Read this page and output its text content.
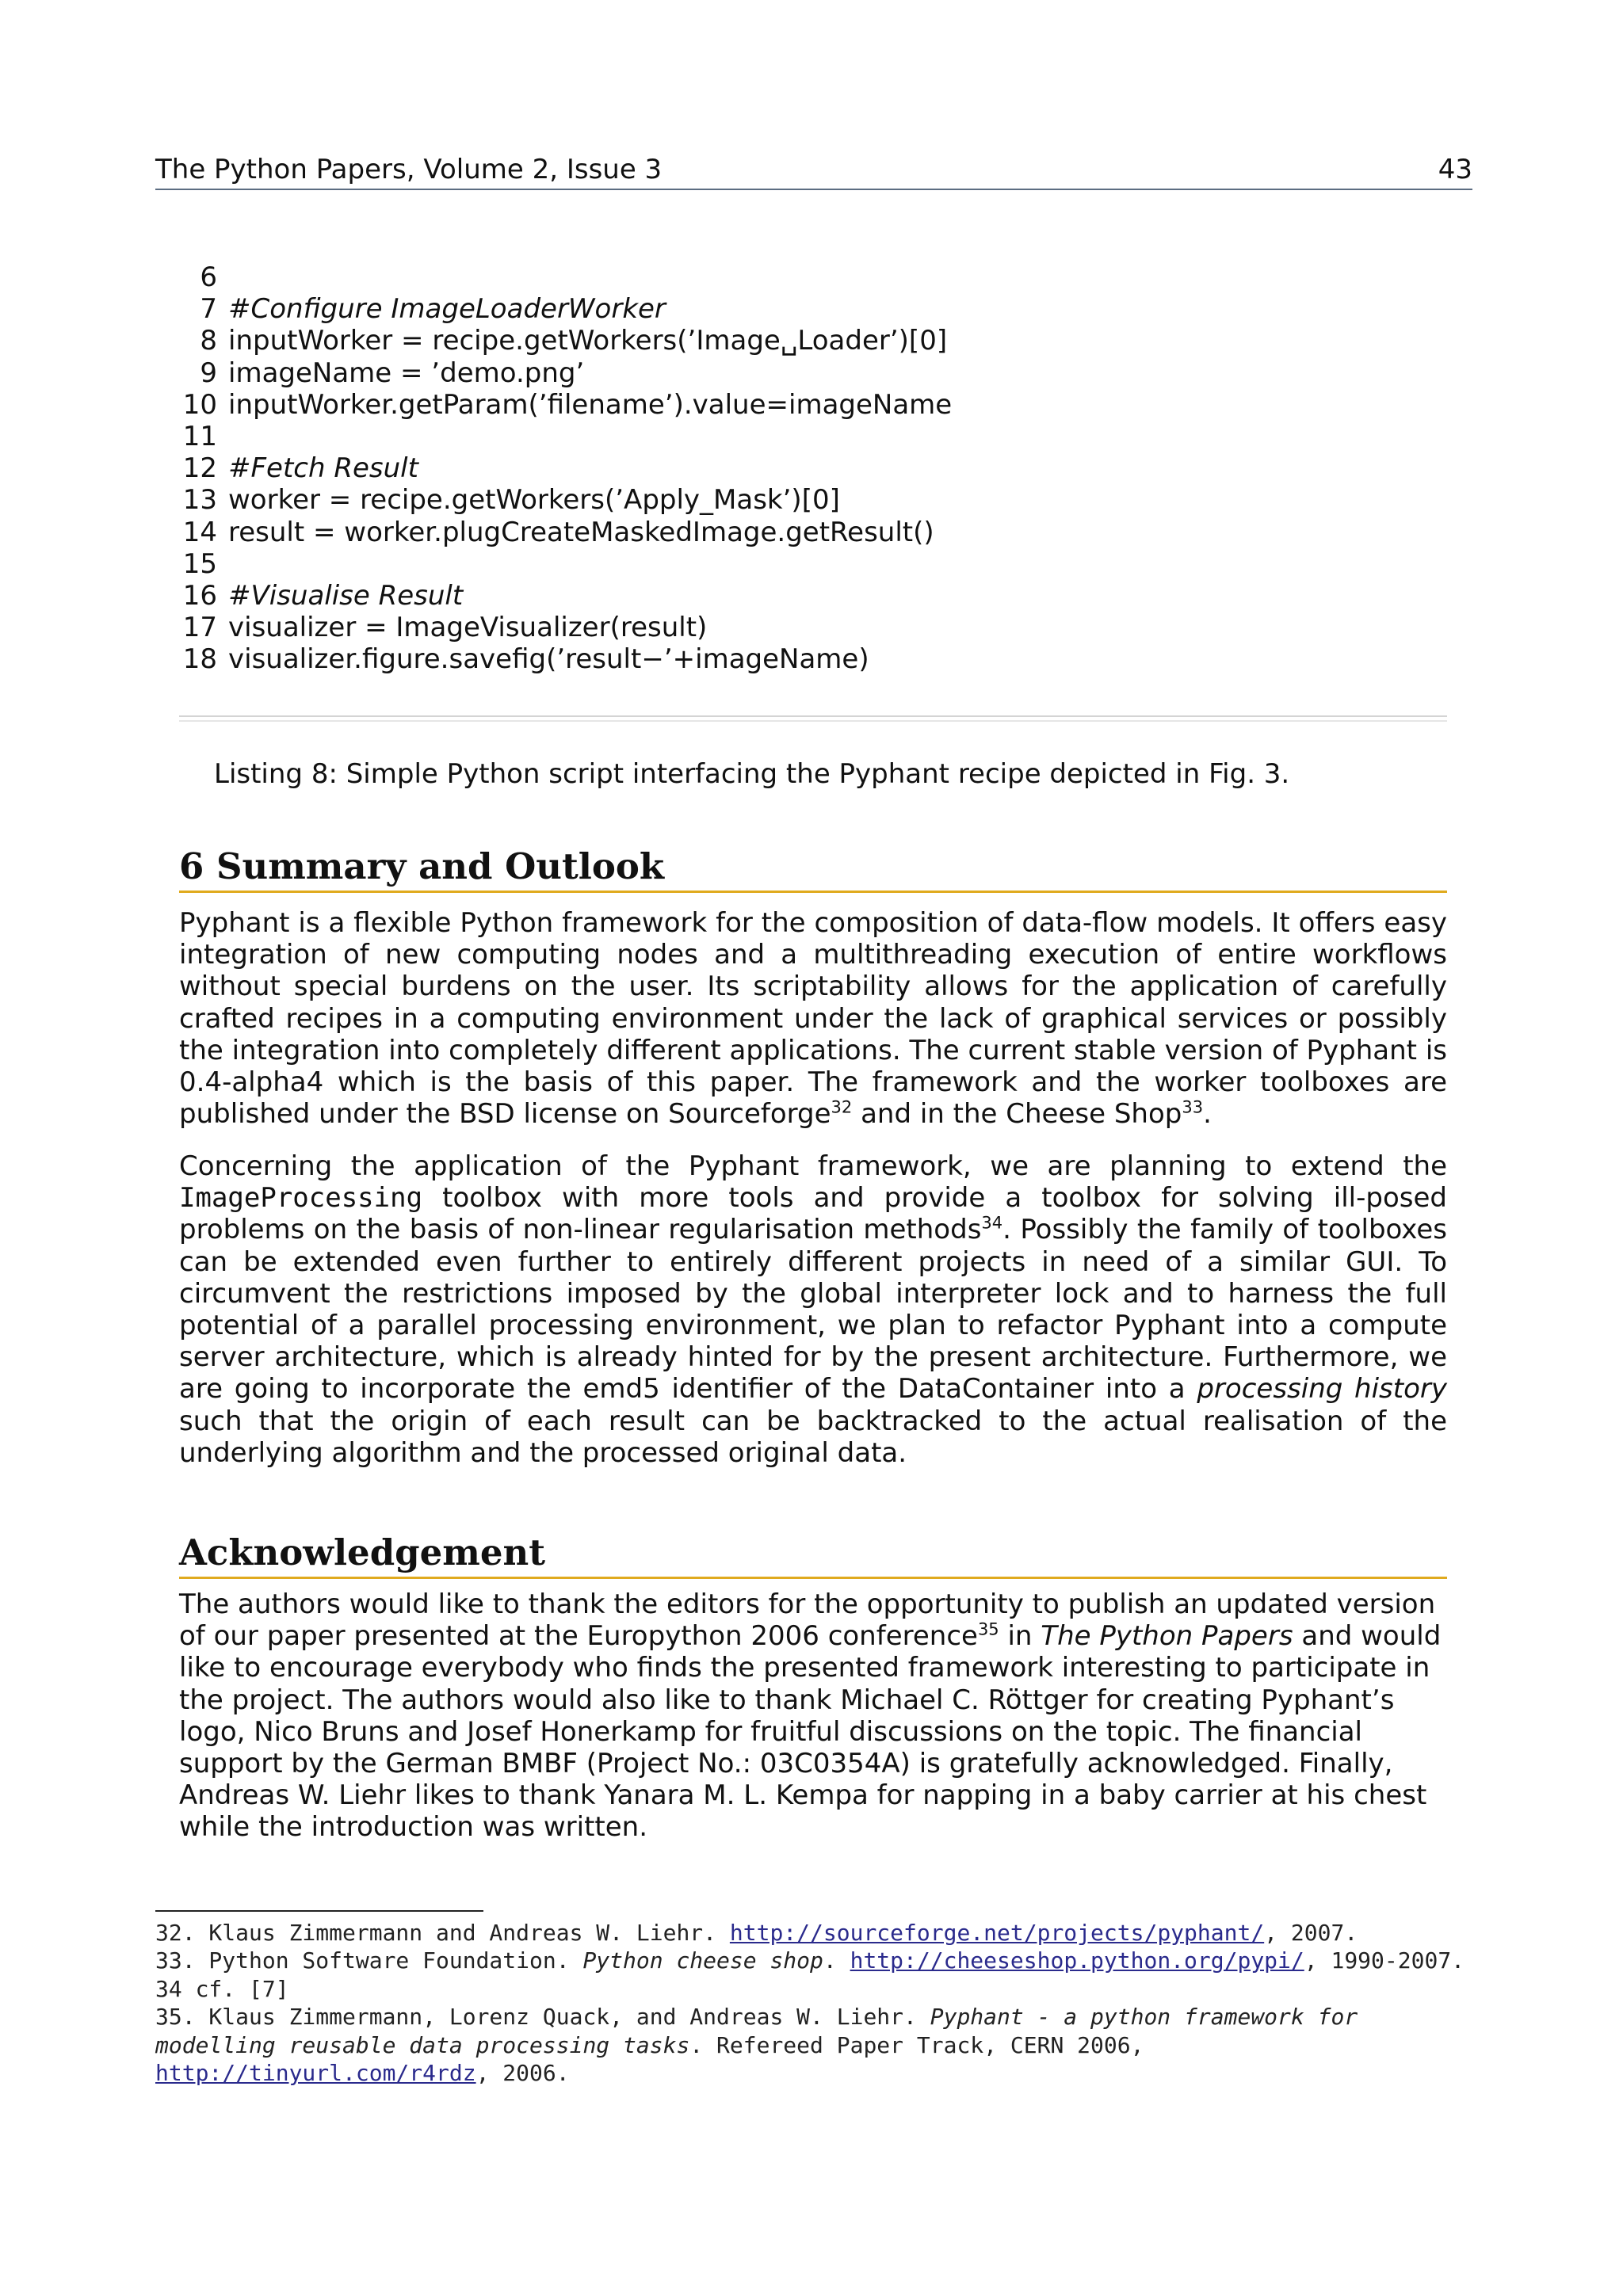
The Python Papers, Volume 2, Issue 3	43
6
7 #Configure ImageLoaderWorker
8 inputWorker = recipe.getWorkers(’Image␣Loader’)[0]
9 imageName = ’demo.png’
10 inputWorker.getParam(’filename’).value=imageName
11
12 #Fetch Result
13 worker = recipe.getWorkers(’Apply_Mask’)[0]
14 result = worker.plugCreateMaskedImage.getResult()
15
16 #Visualise Result
17 visualizer = ImageVisualizer(result)
18 visualizer.figure.savefig(’result−’+imageName)
Listing 8: Simple Python script interfacing the Pyphant recipe depicted in Fig. 3.
6 Summary and Outlook

Pyphant is a flexible Python framework for the composition of data-flow models. It offers easy integration of new computing nodes and a multithreading execution of entire workflows without special burdens on the user. Its scriptability allows for the application of carefully crafted recipes in a computing environment under the lack of graphical services or possibly the integration into completely different applications. The current stable version of Pyphant is 0.4-alpha4 which is the basis of this paper. The framework and the worker toolboxes are published under the BSD license on Sourceforge$^{32}$ and in the Cheese Shop$^{33}$.

Concerning the application of the Pyphant framework, we are planning to extend the ImageProcessing toolbox with more tools and provide a toolbox for solving ill-posed problems on the basis of non-linear regularisation methods$^{34}$. Possibly the family of toolboxes can be extended even further to entirely different projects in need of a similar GUI. To circumvent the restrictions imposed by the global interpreter lock and to harness the full potential of a parallel processing environment, we plan to refactor Pyphant into a compute server architecture, which is already hinted for by the present architecture. Furthermore, we are going to incorporate the emd5 identifier of the DataContainer into a processing history such that the origin of each result can be backtracked to the actual realisation of the underlying algorithm and the processed original data.

Acknowledgement

The authors would like to thank the editors for the opportunity to publish an updated version of our paper presented at the Europython 2006 conference$^{35}$ in The Python Papers and would like to encourage everybody who finds the presented framework interesting to participate in the project. The authors would also like to thank Michael C. Röttger for creating Pyphant’s logo, Nico Bruns and Josef Honerkamp for fruitful discussions on the topic. The financial support by the German BMBF (Project No.: 03C0354A) is gratefully acknowledged. Finally, Andreas W. Liehr likes to thank Yanara M. L. Kempa for napping in a baby carrier at his chest while the introduction was written.

32. Klaus Zimmermann and Andreas W. Liehr. http://sourceforge.net/projects/pyphant/, 2007.
33. Python Software Foundation. Python cheese shop. http://cheeseshop.python.org/pypi/, 1990-2007.
34 cf. [7]
35. Klaus Zimmermann, Lorenz Quack, and Andreas W. Liehr. Pyphant - a python framework for modelling reusable data processing tasks. Refereed Paper Track, CERN 2006, http://tinyurl.com/r4rdz, 2006.
